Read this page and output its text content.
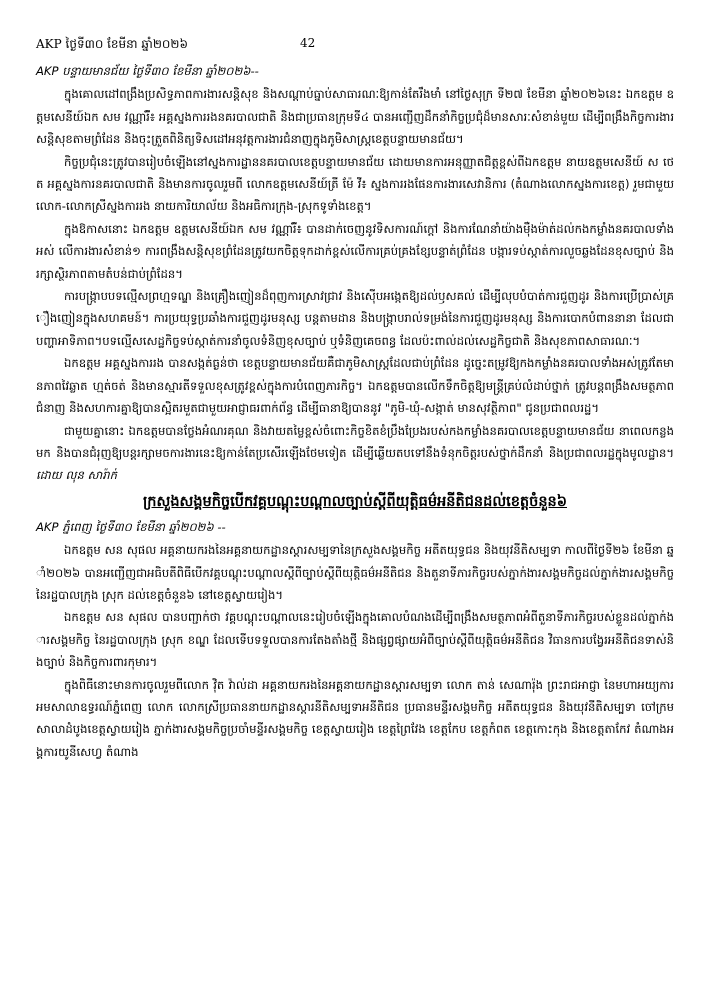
AKP ថ្ងៃទី៣០ ខែមីនា ឆ្នាំ២០២៦	42
AKP បន្ទាយមានជ័យ ថ្ងៃទី៣០ ខែមីនា ឆ្នាំ២០២៦--

ក្នុងគោលដៅពង្រឹងប្រសិទ្ធភាពការងារសន្តិសុខ និងសណ្តាប់ធ្នាប់សាធារណៈឱ្យកាន់តែរឹងមាំ នៅថ្ងៃសុក្រ ទី២៧ ខែមីនា ឆ្នាំ២០២៦នេះ ឯកឧត្តម ឧត្តមសេនីយ៍ឯក សម វណ្ណារី៍៖ អគ្គស្នងការរងនគរបាលជាតិ និងជាប្រធានក្រុមទី៤ បានអញ្ជើញដឹកនាំកិច្ចប្រជុំដ៏មានសារៈសំខាន់មួយ ដើម្បីពង្រឹងកិច្ចការងារសន្តិសុខតាមព្រំដែន និងចុះត្រួតពិនិត្យទិសដៅអនុវត្តការងារជំនាញក្នុងភូមិសាស្ត្រខេត្តបន្ទាយមានជ័យ។

កិច្ចប្រជុំនេះត្រូវបានរៀបចំឡើងនៅស្នងការដ្ឋាននគរបាលខេត្តបន្ទាយមានជ័យ ដោយមានការអនុញ្ញាតជិត្តខ្ពស់ពីឯកឧត្តម នាយឧត្តមសេនីយ៍ ស ថេត អគ្គស្នងការនគរបាលជាតិ និងមានការចូលរួមពី លោកឧត្តមសេនីយ៍ត្រី ម៉ែ វី៖ ស្នងការរងផែនការងារសេវានិការ (តំណាងលោកស្នងការខេត្ត) រួមជាមួយលោក-លោកស្រីស្នងការរង នាយការិយាល័យ និងអធិការក្រុង-ស្រុកទូទាំងខេត្ត។

ក្នុងឱកាសនោះ ឯកឧត្តម ឧត្តមសេនីយ៍ឯក សម វណ្ណារី៍៖ បានដាក់ចេញនូវទិសការណ៍ក្តៅ និងការណែនាំយ៉ាងម៉ឺងម៉ាត់ដល់កងកម្លាំងនគរបាលទាំងអស់ លើការងារសំខាន់១ ការពង្រឹងសន្តិសុខព្រំដែនត្រូវយកចិត្តទុកដាក់ខ្ពស់លើការគ្រប់គ្រងខ្សែបន្ទាត់ព្រំដែន បង្ការទប់ស្កាត់ការលួចឆ្លងដែនខុសច្បាប់ និងរក្សាស្ថិរភាពតាមតំបន់ជាប់ព្រំដែន។

ការបង្ក្រាបបទល្មើសព្រហ្មទណ្ឌ និងគ្រឿងញៀនដ៏ពុញការស្រាវជ្រាវ និងស៊ើបអង្កេតឱ្យដល់ឫសគល់ ដើម្បីលុបបំបាត់ការជួញដូរ និងការប្រើប្រាស់គ្រឿងញៀនក្នុងសហគមន៍។ ការប្រយុទ្ធប្រឆាំងការជួញដូរមនុស្ស បន្តតាមដាន និងបង្ក្រាបរាល់ទម្រង់នៃការជួញដូរមនុស្ស និងការបោកបំពាននានា ដែលជាបញ្ហាអាទិភាព។បទល្មើសសេដ្ឋកិច្ចទប់ស្កាត់ការនាំចូលទំនិញខុសច្បាប់ ឬទំនិញគេចពន្ធ ដែលប៉ះពាល់ដល់សេដ្ឋកិច្ចជាតិ និងសុខភាពសាធារណៈ។

ឯកឧត្តម អគ្គស្នងការរង បានសង្កត់ធ្ងន់ថា ខេត្តបន្ទាយមានជ័យគឺជាភូមិសាស្ត្រដែលជាប់ព្រំដែន ដូច្នេះតម្រូវឱ្យកងកម្លាំងនគរបាលទាំងអស់ត្រូវតែមានភាពវៃឆ្លាត ហ្មត់ចត់ និងមានស្មារតីទទួលខុសត្រូវខ្ពស់ក្នុងការបំពេញភារកិច្ច។ ឯកឧត្តមបានលើកទឹកចិត្តឱ្យមន្ត្រីគ្រប់លំដាប់ថ្នាក់ ត្រូវបន្តពង្រឹងសមត្ថភាពជំនាញ និងសហការគ្នាឱ្យបានស្អិតរមួតជាមួយអាជ្ញាធរពាក់ព័ន្ធ ដើម្បីធានាឱ្យបាននូវ "ភូមិ-ឃុំ-សង្កាត់ មានសុវត្ថិភាព" ជូនប្រជាពលរដ្ឋ។

ជាមួយគ្នានោះ ឯកឧត្តមបានថ្លែងអំណរគុណ និងវាយតម្លៃខ្ពស់ចំពោះកិច្ចខិតខំប្រឹងប្រែងរបស់កងកម្លាំងនគរបាលខេត្តបន្ទាយមានជ័យ នាពេលកន្លងមក និងបានជំរុញឱ្យបន្តរក្សាមចការងារនេះឱ្យកាន់តែប្រសើរឡើងថែមទៀត ដើម្បីឆ្លើយតបទៅនឹងទំនុកចិត្តរបស់ថ្នាក់ដឹកនាំ និងប្រជាពលរដ្ឋក្នុងមូលដ្ឋាន។ដោយ លុន សារ៉ាក់

ក្រសួងសង្គមកិច្ចបើកវគ្គបណ្តុះបណ្តាលច្បាប់ស្តីពីយុត្តិធម៌អនីតិជនដល់ខេត្តចំនួន៦
AKP ភ្នំពេញ ថ្ងៃទី៣០ ខែមីនា ឆ្នាំ២០២៦ --

ឯកឧត្តម សន សុផល អគ្គនាយករងនៃអគ្គនាយកដ្ឋានស្តារសម្បទានៃក្រសួងសង្គមកិច្ច អតីតយុទ្ធជន និងយុវនីតិសម្បទា កាលពីថ្ងៃទី២៦ ខែមីនា ឆ្នាំ២០២៦ បានអញ្ជើញជាអធិបតីពិធីបើកវគ្គបណ្តុះបណ្តាលស្តីពីច្បាប់ស្តីពីយុត្តិធម៌អនីតិជន និងតួនាទីភារកិច្ចរបស់ភ្នាក់ងារសង្គមកិច្ចដល់ភ្នាក់ងារសង្គមកិច្ចនៃរដ្ឋបាលក្រុង ស្រុក ដល់ខេត្តចំនួន៦ នៅខេត្តស្វាយរៀង។

ឯកឧត្តម សន សុផល បានបញ្ជាក់ថា វគ្គបណ្តុះបណ្តាលនេះរៀបចំឡើងក្នុងគោលបំណងដើម្បីពង្រឹងសមត្ថភាពអំពីតួនាទីភារកិច្ចរបស់ខ្លួនដល់ភ្នាក់ងារសង្គមកិច្ច នៃរដ្ឋបាលក្រុង ស្រុក ខណ្ឌ ដែលទើបទទួលបានការតែងតាំងថ្មី និងផ្សព្វផ្សាយអំពីច្បាប់ស្តីពីយុត្តិធម៌អនីតិជន វិធានការបង្វែរអនីតិជនទាស់និងច្បាប់ និងកិច្ចការពារកុមារ។

ក្នុងពិធីនោះមានការចូលរួមពីលោក វ៉ិត វ៉ាល់ដា អគ្គនាយករងនៃអគ្គនាយកដ្ឋានស្តារសម្បទា លោក តាន់ សេណារ៉ុង ព្រះរាជអាជ្ញា នៃមហាអយ្យការអមសាលាឧទ្ធរណ៍ភ្នំពេញ លោក លោកស្រីប្រធាននាយកដ្ឋានស្តារនីតិសម្បទាអនីតិជន ប្រធានមន្ទីរសង្គមកិច្ច អតីតយុទ្ធជន និងយុវនីតិសម្បទា ចៅក្រមសាលាដំបូងខេត្តស្វាយរៀង ភ្នាក់ងារសង្គមកិច្ចប្រចាំមន្ទីរសង្គមកិច្ច ខេត្តស្វាយរៀង ខេត្តព្រៃវែង ខេត្តកែប ខេត្តកំពត ខេត្តកោះកុង និងខេត្តតាកែវ តំណាងអង្គការយូនីសេហ្វ តំណាង
